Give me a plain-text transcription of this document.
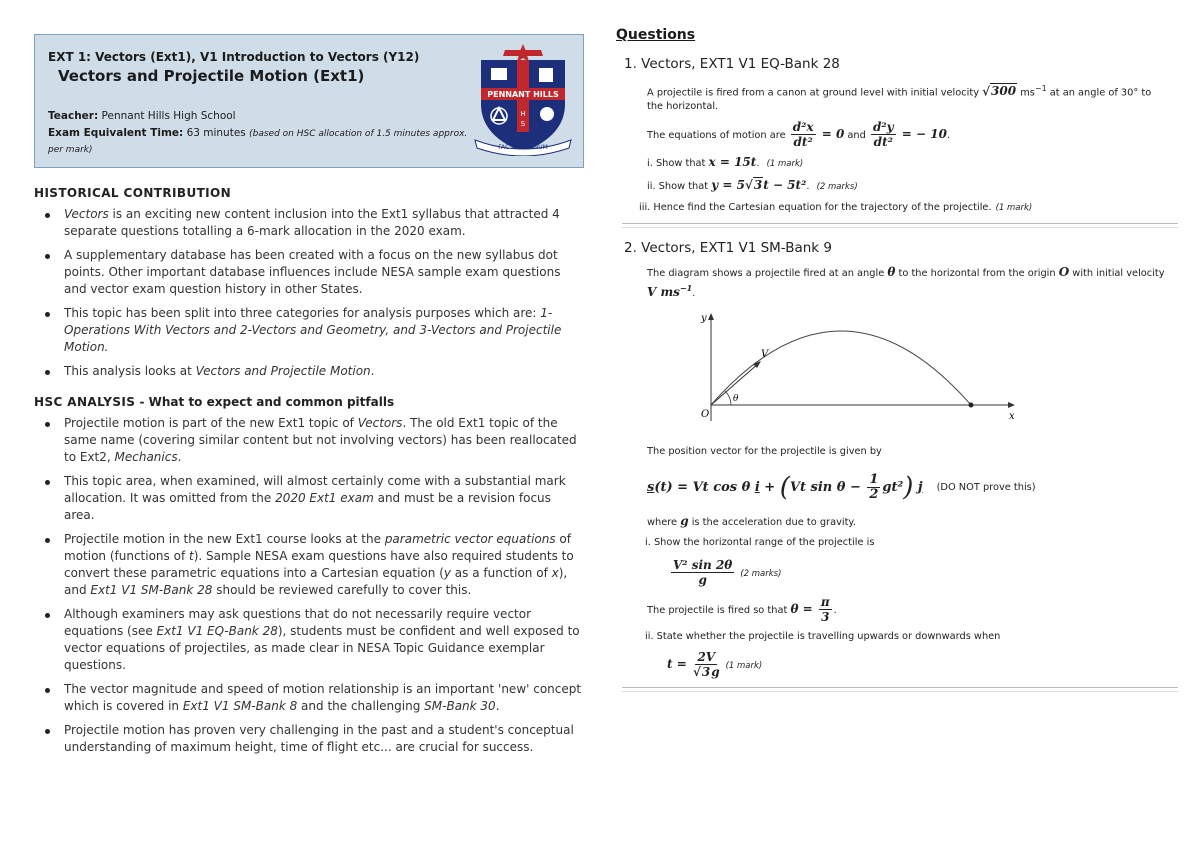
EXT 1: Vectors (Ext1), V1 Introduction to Vectors (Y12)
Vectors and Projectile Motion (Ext1)
Teacher: Pennant Hills High School
Exam Equivalent Time: 63 minutes (based on HSC allocation of 1.5 minutes approx. per mark)
PENNANT HILLS
H
S
FAC NISI BONUM
HISTORICAL CONTRIBUTION
Vectors is an exciting new content inclusion into the Ext1 syllabus that attracted 4 separate questions totalling a 6-mark allocation in the 2020 exam.
A supplementary database has been created with a focus on the new syllabus dot points. Other important database influences include NESA sample exam questions and vector exam question history in other States.
This topic has been split into three categories for analysis purposes which are: 1-Operations With Vectors and 2-Vectors and Geometry, and 3-Vectors and Projectile Motion.
This analysis looks at Vectors and Projectile Motion.
HSC ANALYSIS - What to expect and common pitfalls
Projectile motion is part of the new Ext1 topic of Vectors. The old Ext1 topic of the same name (covering similar content but not involving vectors) has been reallocated to Ext2, Mechanics.
This topic area, when examined, will almost certainly come with a substantial mark allocation. It was omitted from the 2020 Ext1 exam and must be a revision focus area.
Projectile motion in the new Ext1 course looks at the parametric vector equations of motion (functions of t). Sample NESA exam questions have also required students to convert these parametric equations into a Cartesian equation (y as a function of x), and Ext1 V1 SM-Bank 28 should be reviewed carefully to cover this.
Although examiners may ask questions that do not necessarily require vector equations (see Ext1 V1 EQ-Bank 28), students must be confident and well exposed to vector equations of projectiles, as made clear in NESA Topic Guidance exemplar questions.
The vector magnitude and speed of motion relationship is an important 'new' concept which is covered in Ext1 V1 SM-Bank 8 and the challenging SM-Bank 30.
Projectile motion has proven very challenging in the past and a student's conceptual understanding of maximum height, time of flight etc... are crucial for success.
Questions
1. Vectors, EXT1 V1 EQ-Bank 28
A projectile is fired from a canon at ground level with initial velocity √300 $ms^{-1}$ at an angle of 30° to the horizontal.
The equations of motion are $\frac{\text{d²x}}{\text{dt²}} = 0$ and $\frac{\text{d²y}}{\text{dt²}}$ = − 10.
i. Show that x = 15t. (1 mark)
ii. Show that y = 5√3t − 5t². (2 marks)
iii. Hence find the Cartesian equation for the trajectory of the projectile. (1 mark)
2. Vectors, EXT1 V1 SM-Bank 9
The diagram shows a projectile fired at an angle θ to the horizontal from the origin O with initial velocity V $ms^{-1}$.
y
x
O
V
θ
The position vector for the projectile is given by
s(t) = Vt cos θ i + (Vt $\sin \theta - \frac{1}{2} gt^2$) j (DO NOT prove this)
where g is the acceleration due to gravity.
i. Show the horizontal range of the projectile is
$\frac{\text{V² sin 2θ}}{g} (2$ marks)
The projectile is fired so that $\theta = \frac{\pi}{3}$ .
ii. State whether the projectile is travelling upwards or downwards when
$t = \frac{2V}{√3g} (1$ mark)
